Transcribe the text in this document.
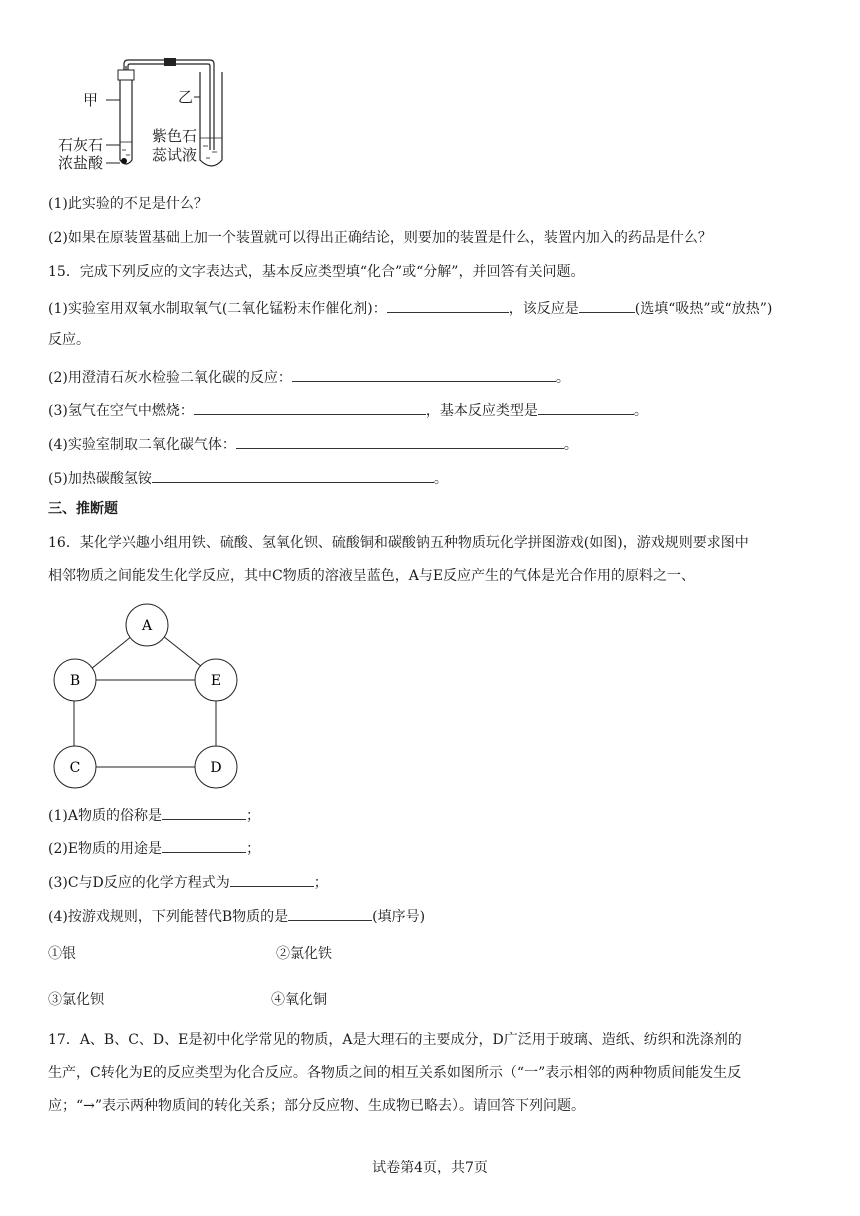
甲	乙
石灰石
浓盐酸
紫色石
蕊试液
(1)此实验的不足是什么？
(2)如果在原装置基础上加一个装置就可以得出正确结论，则要加的装置是什么，装置内加入的药品是什么？
15．完成下列反应的文字表达式，基本反应类型填“化合”或“分解”，并回答有关问题。
(1)实验室用双氧水制取氧气(二氧化锰粉末作催化剂)：	，该反应是	(选填“吸热”或“放热”)
反应。
(2)用澄清石灰水检验二氧化碳的反应：	。
(3)氢气在空气中燃烧：	，基本反应类型是	。
(4)实验室制取二氧化碳气体：	。
(5)加热碳酸氢铵	。
三、推断题
16．某化学兴趣小组用铁、硫酸、氢氧化钡、硫酸铜和碳酸钠五种物质玩化学拼图游戏(如图)，游戏规则要求图中
相邻物质之间能发生化学反应，其中C物质的溶液呈蓝色，A与E反应产生的气体是光合作用的原料之一、
A
B	E
C	D
(1)A物质的俗称是	；
(2)E物质的用途是	；
(3)C与D反应的化学方程式为	；
(4)按游戏规则，下列能替代B物质的是	(填序号)
①银	②氯化铁
③氯化钡	④氧化铜
17．A、B、C、D、E是初中化学常见的物质，A是大理石的主要成分，D广泛用于玻璃、造纸、纺织和洗涤剂的
生产，C转化为E的反应类型为化合反应。各物质之间的相互关系如图所示（“一”表示相邻的两种物质间能发生反
应；“→”表示两种物质间的转化关系；部分反应物、生成物已略去）。请回答下列问题。
试卷第4页，共7页
